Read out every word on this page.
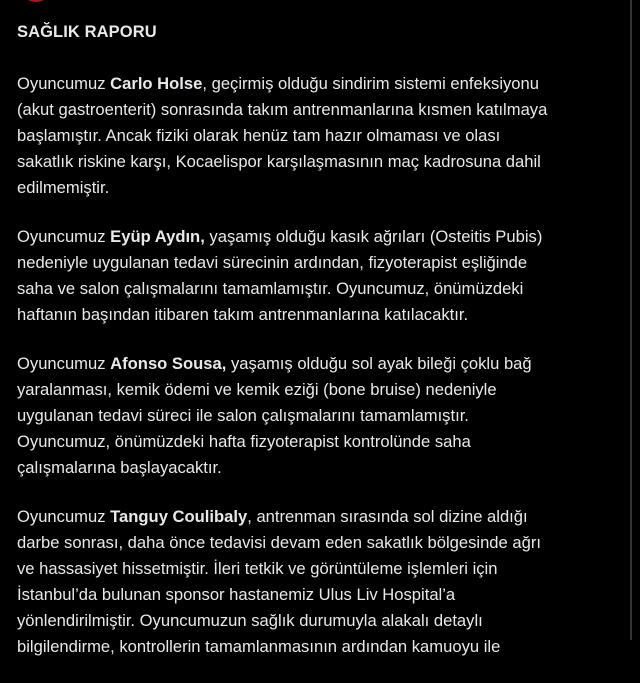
SAĞLIK RAPORU
Oyuncumuz Carlo Holse, geçirmiş olduğu sindirim sistemi enfeksiyonu
(akut gastroenterit) sonrasında takım antrenmanlarına kısmen katılmaya
başlamıştır. Ancak fiziki olarak henüz tam hazır olmaması ve olası
sakatlık riskine karşı, Kocaelispor karşılaşmasının maç kadrosuna dahil
edilmemiştir.
Oyuncumuz Eyüp Aydın, yaşamış olduğu kasık ağrıları (Osteitis Pubis)
nedeniyle uygulanan tedavi sürecinin ardından, fizyoterapist eşliğinde
saha ve salon çalışmalarını tamamlamıştır. Oyuncumuz, önümüzdeki
haftanın başından itibaren takım antrenmanlarına katılacaktır.
Oyuncumuz Afonso Sousa, yaşamış olduğu sol ayak bileği çoklu bağ
yaralanması, kemik ödemi ve kemik eziği (bone bruise) nedeniyle
uygulanan tedavi süreci ile salon çalışmalarını tamamlamıştır.
Oyuncumuz, önümüzdeki hafta fizyoterapist kontrolünde saha
çalışmalarına başlayacaktır.
Oyuncumuz Tanguy Coulibaly, antrenman sırasında sol dizine aldığı
darbe sonrası, daha önce tedavisi devam eden sakatlık bölgesinde ağrı
ve hassasiyet hissetmiştir. İleri tetkik ve görüntüleme işlemleri için
İstanbul’da bulunan sponsor hastanemiz Ulus Liv Hospital’a
yönlendirilmiştir. Oyuncumuzun sağlık durumuyla alakalı detaylı
bilgilendirme, kontrollerin tamamlanmasının ardından kamuoyu ile
